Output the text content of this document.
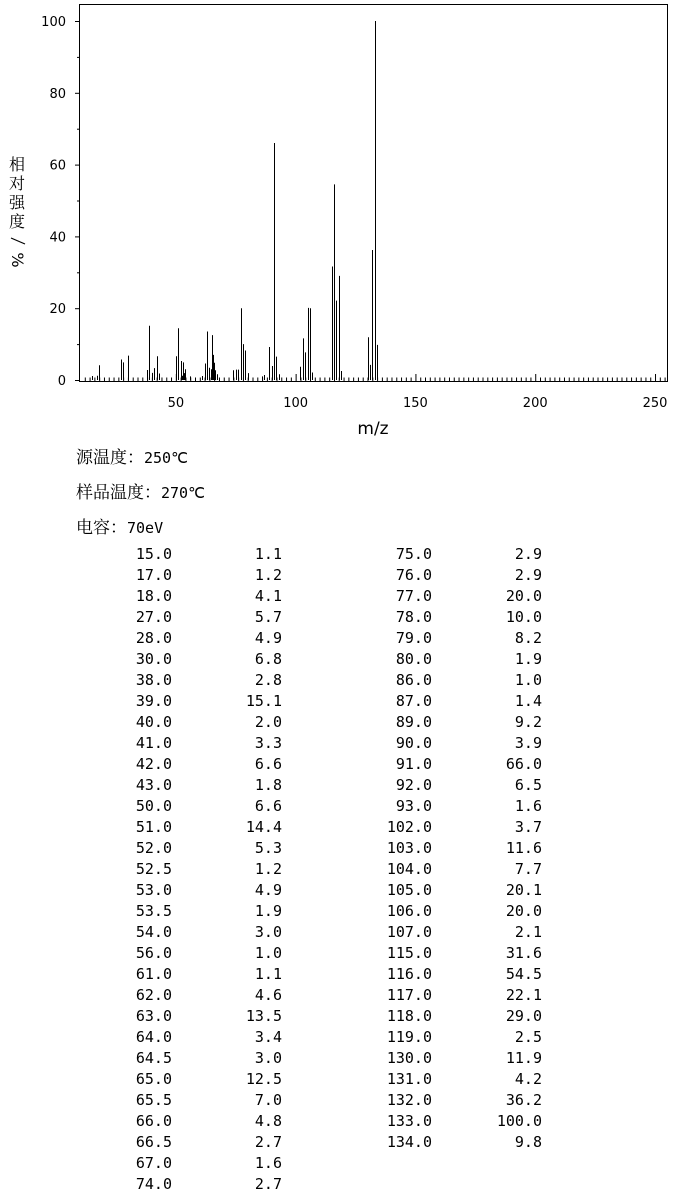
50	100	150	200	250
0
20
40
60
80
100
相
对
强
度
%
m/z
源温度：250℃
样品温度：270℃
电容：70eV
15.0	1.1
17.0	1.2
18.0	4.1
27.0	5.7
28.0	4.9
30.0	6.8
38.0	2.8
39.0	15.1
40.0	2.0
41.0	3.3
42.0	6.6
43.0	1.8
50.0	6.6
51.0	14.4
52.0	5.3
52.5	1.2
53.0	4.9
53.5	1.9
54.0	3.0
56.0	1.0
61.0	1.1
62.0	4.6
63.0	13.5
64.0	3.4
64.5	3.0
65.0	12.5
65.5	7.0
66.0	4.8
66.5	2.7
67.0	1.6
74.0	2.7
75.0	2.9
76.0	2.9
77.0	20.0
78.0	10.0
79.0	8.2
80.0	1.9
86.0	1.0
87.0	1.4
89.0	9.2
90.0	3.9
91.0	66.0
92.0	6.5
93.0	1.6
102.0	3.7
103.0	11.6
104.0	7.7
105.0	20.1
106.0	20.0
107.0	2.1
115.0	31.6
116.0	54.5
117.0	22.1
118.0	29.0
119.0	2.5
130.0	11.9
131.0	4.2
132.0	36.2
133.0	100.0
134.0	9.8
